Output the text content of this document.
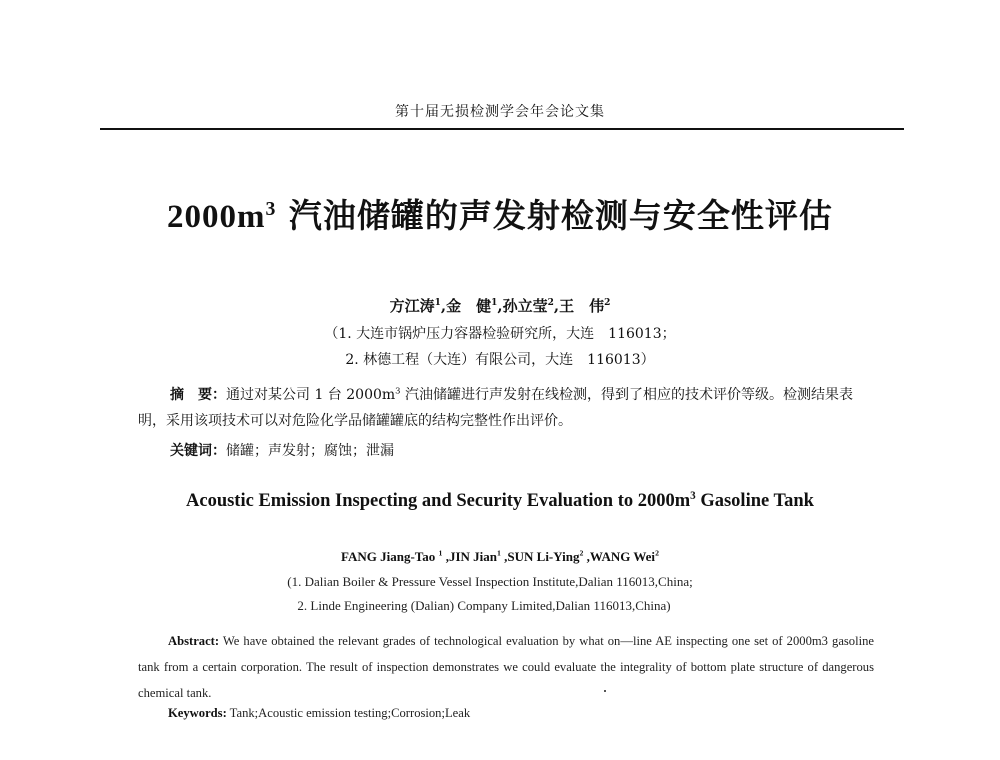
第十届无损检测学会年会论文集
$2000m^3$ 汽油储罐的声发射检测与安全性评估
方江涛$^1$,金　健$^1$,孙立莹$^2$,王　伟$^2$
（1. 大连市锅炉压力容器检验研究所，大连　116013；
2. 林德工程（大连）有限公司，大连　116013）
摘　要：通过对某公司 1 台 $2000m^3$ 汽油储罐进行声发射在线检测，得到了相应的技术评价等级。检测结果表明，采用该项技术可以对危险化学品储罐罐底的结构完整性作出评价。
关键词：储罐；声发射；腐蚀；泄漏
Acoustic Emission Inspecting and Security Evaluation to $2000m^3$ Gasoline Tank
FANG Jiang-Tao $^1$ ,JIN Jian$^1$ ,SUN Li-Ying$^2$ ,WANG Wei$^2$
(1. Dalian Boiler & Pressure Vessel Inspection Institute,Dalian 116013,China;
2. Linde Engineering (Dalian) Company Limited,Dalian 116013,China)
Abstract: We have obtained the relevant grades of technological evaluation by what on—line AE inspecting one set of 2000m3 gasoline tank from a certain corporation. The result of inspection demonstrates we could evaluate the integrality of bottom plate structure of dangerous chemical tank.
Keywords: Tank;Acoustic emission testing;Corrosion;Leak
